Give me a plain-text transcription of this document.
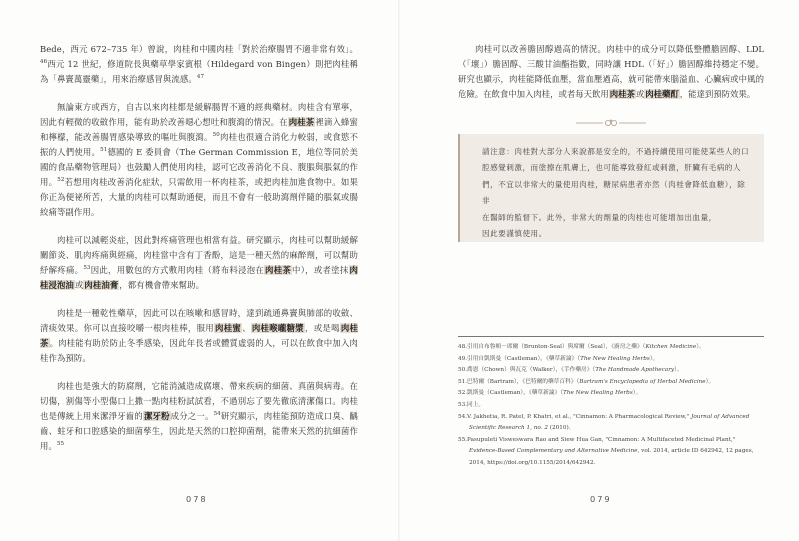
Bede，西元 672–735 年）曾說，肉桂和中國肉桂「對於治療腸胃不適非常有效」。$^{46}$西元 12 世紀，修道院長與藥草學家賓根（Hildegard von Bingen）則把肉桂稱為「鼻竇萬靈藥」，用來治療感冒與流感。$^{47}$

無論東方或西方，自古以來肉桂都是緩解腸胃不適的經典藥材。肉桂含有單寧，因此有輕微的收斂作用，能有助於改善噁心想吐和腹瀉的情況。在肉桂茶裡滴入蜂蜜和檸檬，能改善腸胃感染導致的嘔吐與腹瀉。$^{50}$肉桂也很適合消化力較弱，或食慾不振的人們使用。$^{51}$德國的 E 委員會（The German Commission E，地位等同於美國的食品藥物管理局）也鼓勵人們使用肉桂，認可它改善消化不良、腹脹與脹氣的作用。$^{52}$若想用肉桂改善消化症狀，只需飲用一杯肉桂茶，或把肉桂加進食物中。如果你正為便祕所苦，大量的肉桂可以幫助通便，而且不會有一般助瀉劑伴隨的脹氣或腸絞痛等副作用。

肉桂可以減輕炎症，因此對疼痛管理也相當有益。研究顯示，肉桂可以幫助緩解關節炎、肌肉疼痛與經痛，肉桂當中含有丁香酚，這是一種天然的麻醉劑，可以幫助紓解疼痛。$^{53}$因此，用數包的方式敷用肉桂（將布料浸泡在肉桂茶中），或者塗抹肉桂浸泡油或肉桂油膏，都有機會帶來幫助。

肉桂是一種乾性藥草，因此可以在咳嗽和感冒時，達到疏通鼻竇與肺部的收斂、清痰效果。你可以直接咬嚼一根肉桂棒，服用肉桂蜜、肉桂喉嚨糖漿，或是喝肉桂茶。肉桂能有助於防止冬季感染，因此年長者或體質虛弱的人，可以在飲食中加入肉桂作為預防。

肉桂也是強大的防腐劑，它能消滅造成腐壞、帶來疾病的細菌、真菌與病毒。在切傷，割傷等小型傷口上撒一點肉桂粉試試看，不過別忘了要先徹底清潔傷口。肉桂也是傳統上用來潔淨牙齒的潔牙粉成分之一。$^{54}$研究顯示，肉桂能預防造成口臭、齲齒、蛀牙和口腔感染的細菌孳生，因此是天然的口腔抑菌劑，能帶來天然的抗細菌作用。$^{55}$

078

肉桂可以改善膽固醇過高的情況。肉桂中的成分可以降低整體膽固醇、LDL（「壞」）膽固醇、三酸甘油酯指數，同時讓 HDL（「好」）膽固醇維持穩定不變。研究也顯示，肉桂能降低血壓，當血壓過高，就可能帶來腦溢血、心臟病或中風的危險。在飲食中加入肉桂，或者每天飲用肉桂茶或肉桂藥酊，能達到預防效果。

請注意：肉桂對大部分人來說都是安全的，不過持續使用可能使某些人的口
腔感覺刺激，而塗擦在肌膚上，也可能導致發紅或刺激，肝臟有毛病的人
們，不宜以非常大的量使用肉桂，糖尿病患者亦然（肉桂會降低血糖），除非
在醫師的監督下。此外，非常大的劑量的肉桂也可能增加出血量，
因此要謹慎使用。

48.引用自布魯頓－席爾（Brunton-Seal）與席爾（Seal），《廚房之藥》（Kitchen Medicine）。

49.引用自凱斯曼（Castleman），《藥草新論》（The New Healing Herbs）。

50.喬恩（Chown）與瓦克（Walker），《手作藥房》（The Handmade Apothecary）。

51.巴特爾（Bartram），《巴特爾的藥草百科》（Bartram's Encyclopedia of Herbal Medicine）。

52.凱斯曼（Castleman），《藥草新論》（The New Healing Herbs）。

53.同上。

54.V. Jakhetia, R. Patel, P. Khatri, et al., "Cinnamon: A Pharmacological Review," Journal of Advanced Scientific Research 1, no. 2 (2010).

55.Pasupuleti Visweswara Rao and Siew Hua Gan, "Cinnamon: A Multifaceted Medicinal Plant," Evidence-Based Complementary and Alternative Medicine, vol. 2014, article ID 642942, 12 pages, 2014, https://doi.org/10.1155/2014/642942.

079
